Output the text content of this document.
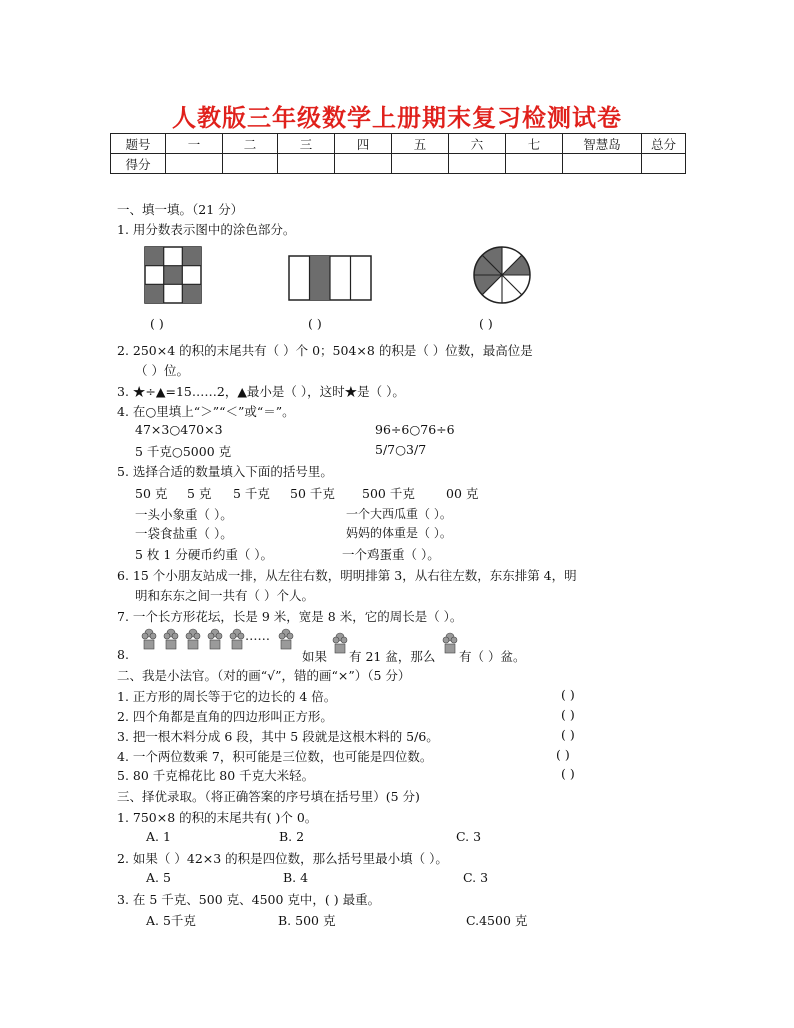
人教版三年级数学上册期末复习检测试卷
题号	一	二	三	四	五	六	七	智慧岛	总分
得分									
一、填一填。（21 分）
1. 用分数表示图中的涂色部分。
( )	( )	( )
2. 250×4 的积的末尾共有（ ）个 0；504×8 的积是（ ）位数，最高位是
（ ）位。
3. ★÷▲=15……2，▲最小是（ ），这时★是（ ）。
4. 在○里填上“＞”“＜”或“＝”。
47×3○470×3	96÷6○76÷6
5 千克○5000 克	5/7○3/7
5. 选择合适的数量填入下面的括号里。
50 克 5 克 5 千克 50 千克 500 千克 00 克
一头小象重（ ）。	一个大西瓜重（ ）。
一袋食盐重（ ）。	妈妈的体重是（ ）。
5 枚 1 分硬币约重（ ）。	一个鸡蛋重（ ）。
6. 15 个小朋友站成一排，从左往右数，明明排第 3，从右往左数，东东排第 4，明
明和东东之间一共有（ ）个人。
7. 一个长方形花坛，长是 9 米，宽是 8 米，它的周长是（ ）。
8.
……
如果 有 21 盆，那么 有（ ）盆。
二、我是小法官。（对的画“√”，错的画“×”）（5 分）
1. 正方形的周长等于它的边长的 4 倍。	( )
2. 四个角都是直角的四边形叫正方形。	( )
3. 把一根木料分成 6 段，其中 5 段就是这根木料的 5/6。	( )
4. 一个两位数乘 7，积可能是三位数，也可能是四位数。	( )
5. 80 千克棉花比 80 千克大米轻。	( )
三、择优录取。（将正确答案的序号填在括号里）(5 分)
1. 750×8 的积的末尾共有( )个 0。
A. 1	B. 2	C. 3
2. 如果（ ）42×3 的积是四位数，那么括号里最小填（ ）。
A. 5	B. 4	C. 3
3. 在 5 千克、500 克、4500 克中，( ) 最重。
A. 5千克	B. 500 克	C.4500 克
